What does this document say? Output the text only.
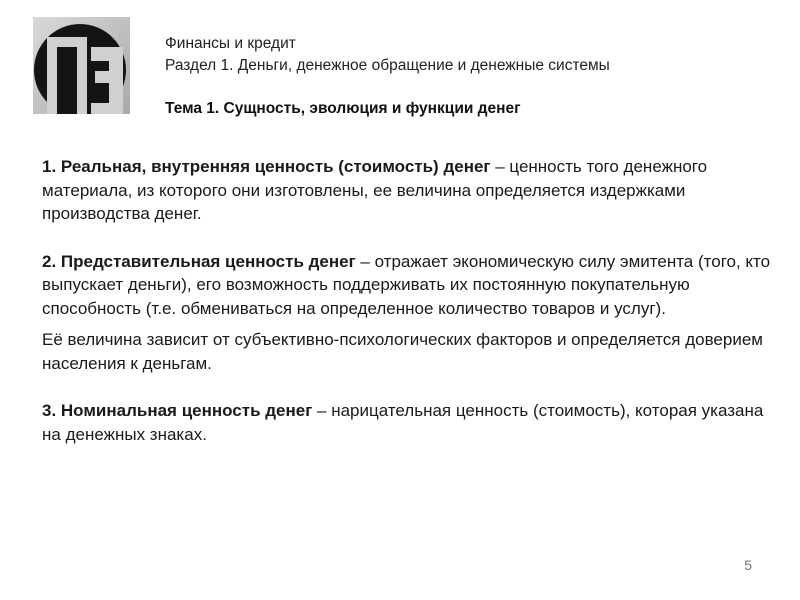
Финансы и кредит
Раздел 1. Деньги, денежное обращение и денежные системы
Тема 1. Сущность, эволюция и функции денег

1. Реальная, внутренняя ценность (стоимость) денег – ценность того денежного материала, из которого они изготовлены, ее величина определяется издержками производства денег.

2. Представительная ценность денег – отражает экономическую силу эмитента (того, кто выпускает деньги), его возможность поддерживать их постоянную покупательную способность (т.е. обмениваться на определенное количество товаров и услуг).

Её величина зависит от субъективно-психологических факторов и определяется доверием населения к деньгам.

3. Номинальная ценность денег – нарицательная ценность (стоимость), которая указана на денежных знаках.

5
